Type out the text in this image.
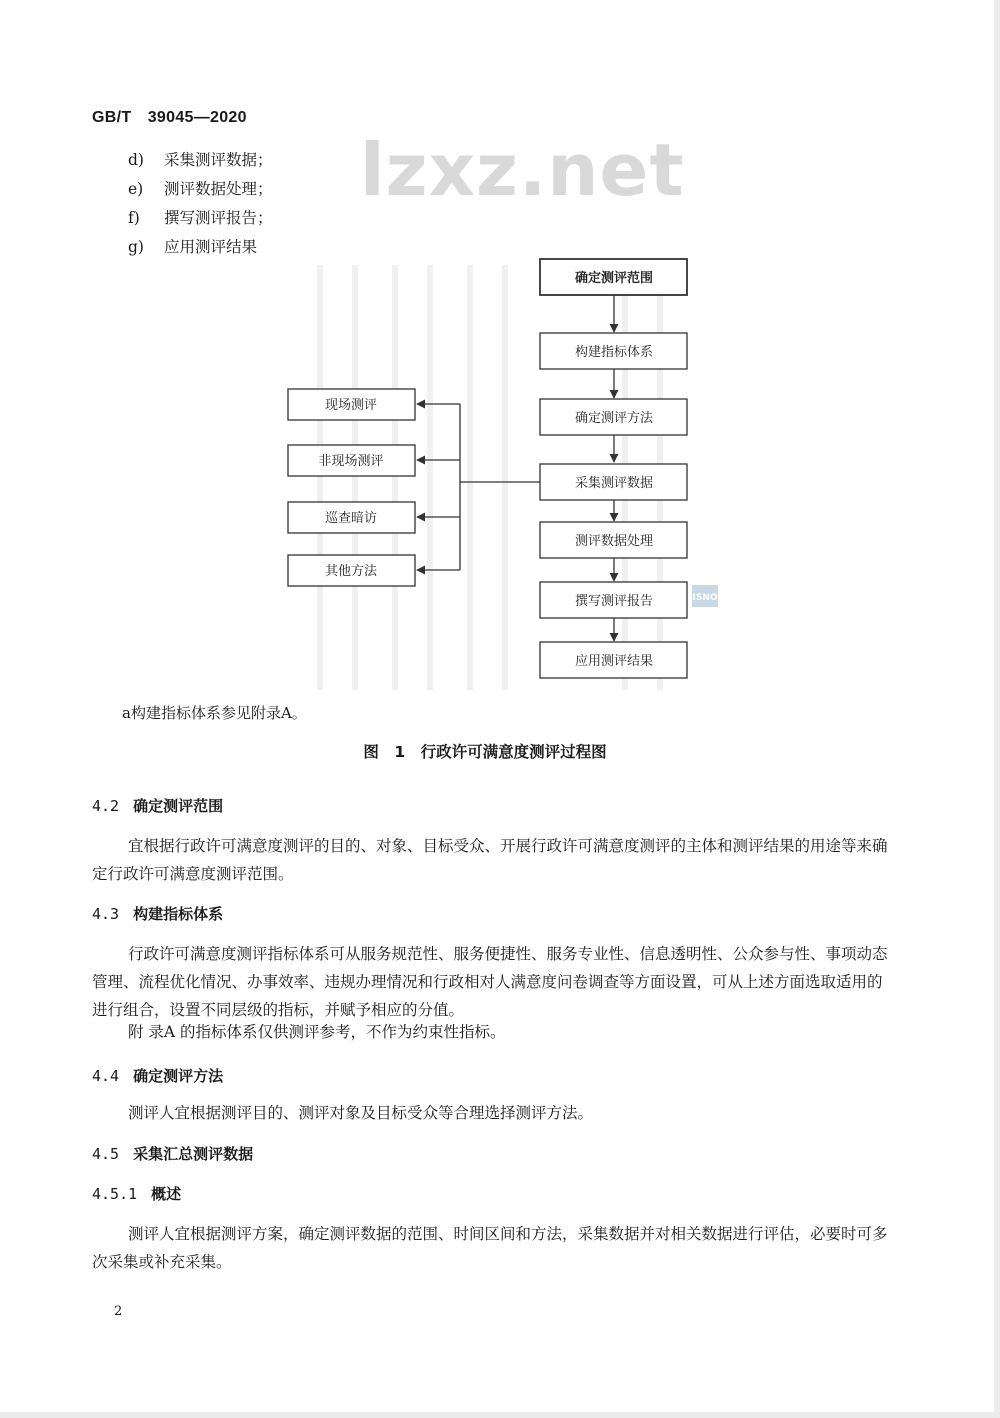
GB/T　39045—2020
lzxz.net
d) 采集测评数据；
e) 测评数据处理；
f) 撰写测评报告；
g) 应用测评结果
确定测评范围
构建指标体系
确定测评方法
采集测评数据
测评数据处理
撰写测评报告
应用测评结果
现场测评
非现场测评
巡查暗访
其他方法
ISNO
a构建指标体系参见附录A。
图　1　行政许可满意度测评过程图
4.2 确定测评范围
宜根据行政许可满意度测评的目的、对象、目标受众、开展行政许可满意度测评的主体和测评结果的用途等来确定行政许可满意度测评范围。
4.3 构建指标体系
行政许可满意度测评指标体系可从服务规范性、服务便捷性、服务专业性、信息透明性、公众参与性、事项动态管理、流程优化情况、办事效率、违规办理情况和行政相对人满意度问卷调查等方面设置，可从上述方面选取适用的进行组合，设置不同层级的指标，并赋予相应的分值。
附 录A 的指标体系仅供测评参考，不作为约束性指标。
4.4 确定测评方法
测评人宜根据测评目的、测评对象及目标受众等合理选择测评方法。
4.5 采集汇总测评数据
4.5.1 概述
测评人宜根据测评方案，确定测评数据的范围、时间区间和方法，采集数据并对相关数据进行评估，必要时可多次采集或补充采集。
2
